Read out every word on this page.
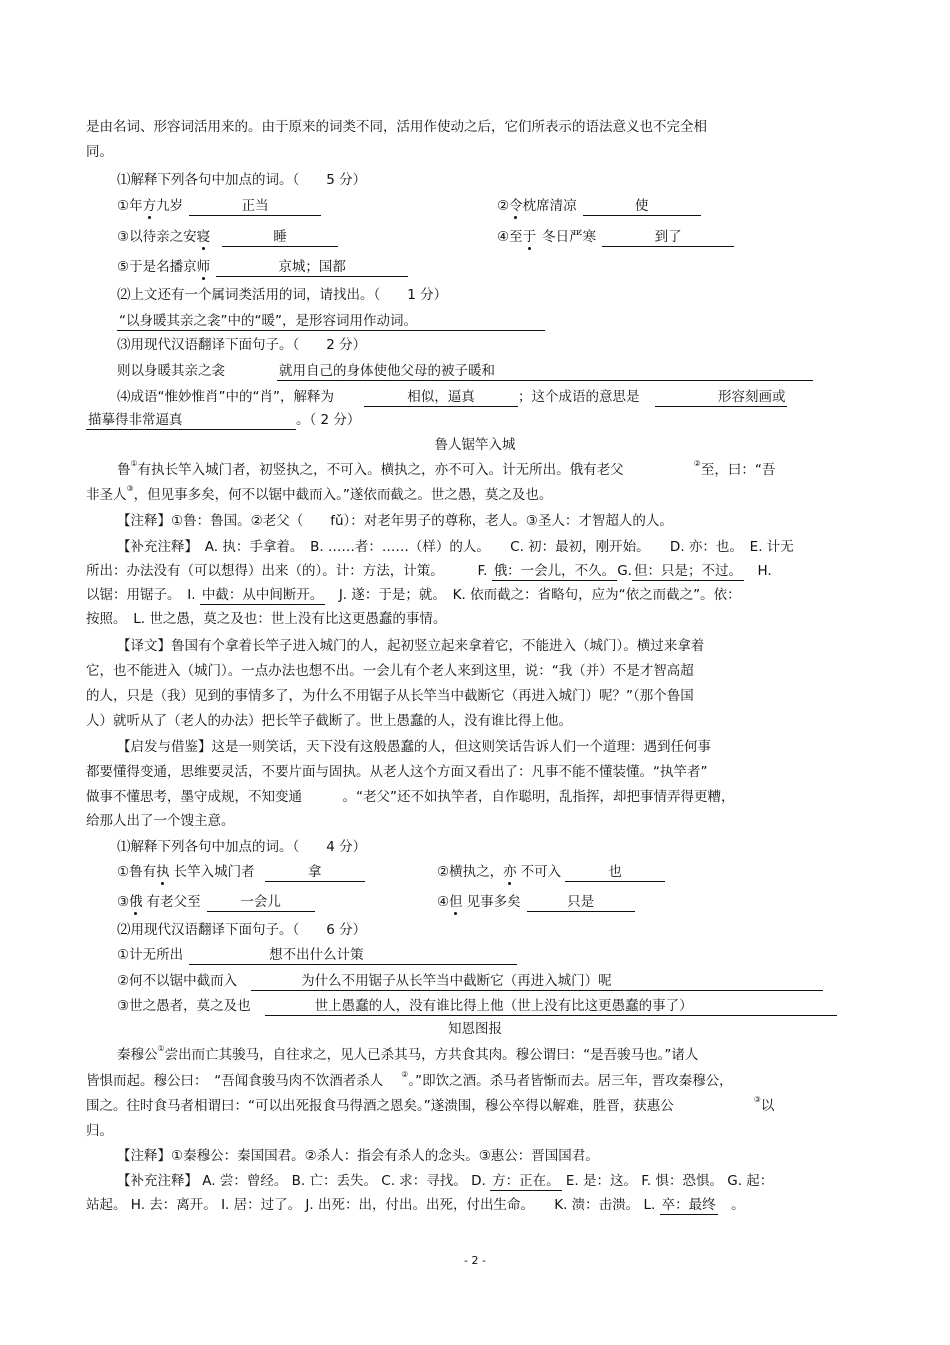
是由名词、形容词活用来的。由于原来的词类不同，活用作使动之后，它们所表示的语法意义也不完全相
同。
⑴解释下列各句中加点的词。（　　5 分）
①年方九岁	正当	②令枕席清凉	使
③以待亲之安寝	睡	④至于 冬日严寒	到了
⑤于是名播京师	京城；国都
⑵上文还有一个属词类活用的词，请找出。（　　1 分）
“以身暖其亲之衾”中的“暖”，是形容词用作动词。
⑶用现代汉语翻译下面句子。（　　2 分）
则以身暖其亲之衾	就用自己的身体使他父母的被子暖和
⑷成语“惟妙惟肖”中的“肖”，解释为	相似，逼真	；这个成语的意思是	形容刻画或
描摹得非常逼真	。（ 2 分）
鲁人锯竿入城
鲁①有执长竿入城门者，初竖执之，不可入。横执之，亦不可入。计无所出。俄有老父	②至，曰：“吾
非圣人③，但见事多矣，何不以锯中截而入。”遂依而截之。世之愚，莫之及也。
【注释】①鲁：鲁国。②老父（　　fǔ）：对老年男子的尊称，老人。③圣人：才智超人的人。
【补充注释】　A. 执：手拿着。　B. ……者：……（样）的人。　　C. 初：最初，刚开始。　　D. 亦：也。　E. 计无
所出：办法没有（可以想得）出来（的）。计：方法，计策。　　　F. 俄：一会儿，不久。 G. 但：只是；不过。　H.
以锯：用锯子。　I. 中截：从中间断开。　J. 遂：于是；就。　K. 依而截之：省略句，应为“依之而截之”。依：
按照。　L. 世之愚，莫之及也：世上没有比这更愚蠢的事情。
【译文】鲁国有个拿着长竿子进入城门的人，起初竖立起来拿着它，不能进入（城门）。横过来拿着
它，也不能进入（城门）。一点办法也想不出。一会儿有个老人来到这里，说：“我（并）不是才智高超
的人，只是（我）见到的事情多了，为什么不用锯子从长竿当中截断它（再进入城门）呢？”（那个鲁国
人）就听从了（老人的办法）把长竿子截断了。世上愚蠢的人，没有谁比得上他。
【启发与借鉴】这是一则笑话，天下没有这般愚蠢的人，但这则笑话告诉人们一个道理：遇到任何事
都要懂得变通，思维要灵活，不要片面与固执。从老人这个方面又看出了：凡事不能不懂装懂。“执竿者”
做事不懂思考，墨守成规，不知变通　　　。“老父”还不如执竿者，自作聪明，乱指挥，却把事情弄得更糟，
给那人出了一个馊主意。
⑴解释下列各句中加点的词。（　　4 分）
①鲁有执 长竿入城门者	拿	②横执之，亦 不可入	也
③俄 有老父至	一会儿	④但 见事多矣	只是
⑵用现代汉语翻译下面句子。（　　6 分）
①计无所出	想不出什么计策
②何不以锯中截而入	为什么不用锯子从长竿当中截断它（再进入城门）呢
③世之愚者，莫之及也	世上愚蠢的人，没有谁比得上他（世上没有比这更愚蠢的事了）
知恩图报
秦穆公①尝出而亡其骏马，自往求之，见人已杀其马，方共食其肉。穆公谓曰：“是吾骏马也。”诸人
皆惧而起。穆公曰：　“吾闻食骏马肉不饮酒者杀人 ②。”即饮之酒。杀马者皆惭而去。居三年，晋攻秦穆公，
围之。往时食马者相谓曰：“可以出死报食马得酒之恩矣。”遂溃围，穆公卒得以解难，胜晋，获惠公	③以
归。
【注释】①秦穆公：秦国国君。②杀人：指会有杀人的念头。③惠公：晋国国君。
【补充注释】 A. 尝：曾经。 B. 亡：丢失。 C. 求：寻找。 D. 方：正在。 E. 是：这。 F. 惧：恐惧。 G. 起：
站起。 H. 去：离开。 I. 居：过了。 J. 出死：出，付出。出死，付出生命。　　K. 溃：击溃。 L. 卒：最终　。
- 2 -
